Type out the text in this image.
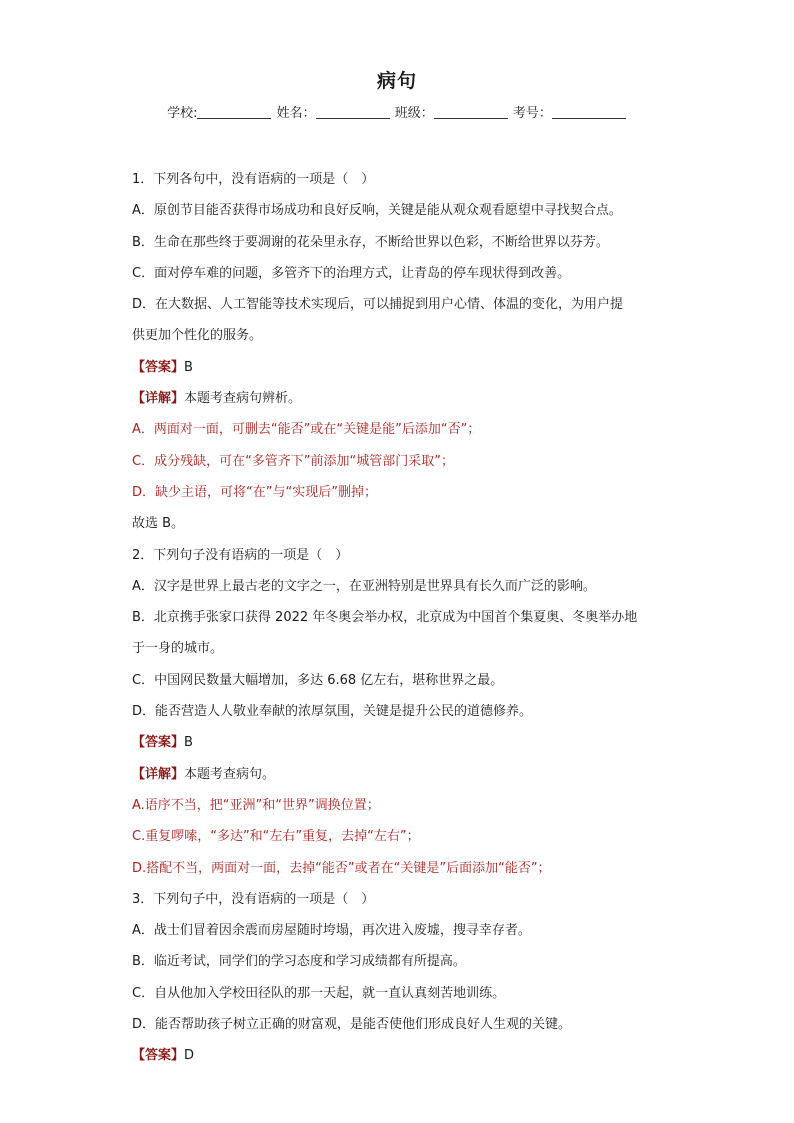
病句
学校:	姓名：	班级：	考号：
1．下列各句中，没有语病的一项是（　）
A．原创节目能否获得市场成功和良好反响，关键是能从观众观看愿望中寻找契合点。
B．生命在那些终于要凋谢的花朵里永存，不断给世界以色彩，不断给世界以芬芳。
C．面对停车难的问题，多管齐下的治理方式，让青岛的停车现状得到改善。
D．在大数据、人工智能等技术实现后，可以捕捉到用户心情、体温的变化，为用户提
供更加个性化的服务。
【答案】B
【详解】本题考查病句辨析。
A．两面对一面，可删去“能否”或在“关键是能”后添加“否”；
C．成分残缺，可在“多管齐下”前添加“城管部门采取”；
D．缺少主语，可将“在”与“实现后”删掉；
故选 B。
2．下列句子没有语病的一项是（　）
A．汉字是世界上最古老的文字之一，在亚洲特别是世界具有长久而广泛的影响。
B．北京携手张家口获得 2022 年冬奥会举办权，北京成为中国首个集夏奥、冬奥举办地
于一身的城市。
C．中国网民数量大幅增加，多达 6.68 亿左右，堪称世界之最。
D．能否营造人人敬业奉献的浓厚氛围，关键是提升公民的道德修养。
【答案】B
【详解】本题考查病句。
A.语序不当，把“亚洲”和“世界”调换位置；
C.重复啰嗦，“多达”和“左右”重复，去掉“左右”；
D.搭配不当，两面对一面，去掉“能否”或者在“关键是”后面添加“能否”；
3．下列句子中，没有语病的一项是（　）
A．战士们冒着因余震而房屋随时垮塌，再次进入废墟，搜寻幸存者。
B．临近考试，同学们的学习态度和学习成绩都有所提高。
C．自从他加入学校田径队的那一天起，就一直认真刻苦地训练。
D．能否帮助孩子树立正确的财富观，是能否使他们形成良好人生观的关键。
【答案】D
